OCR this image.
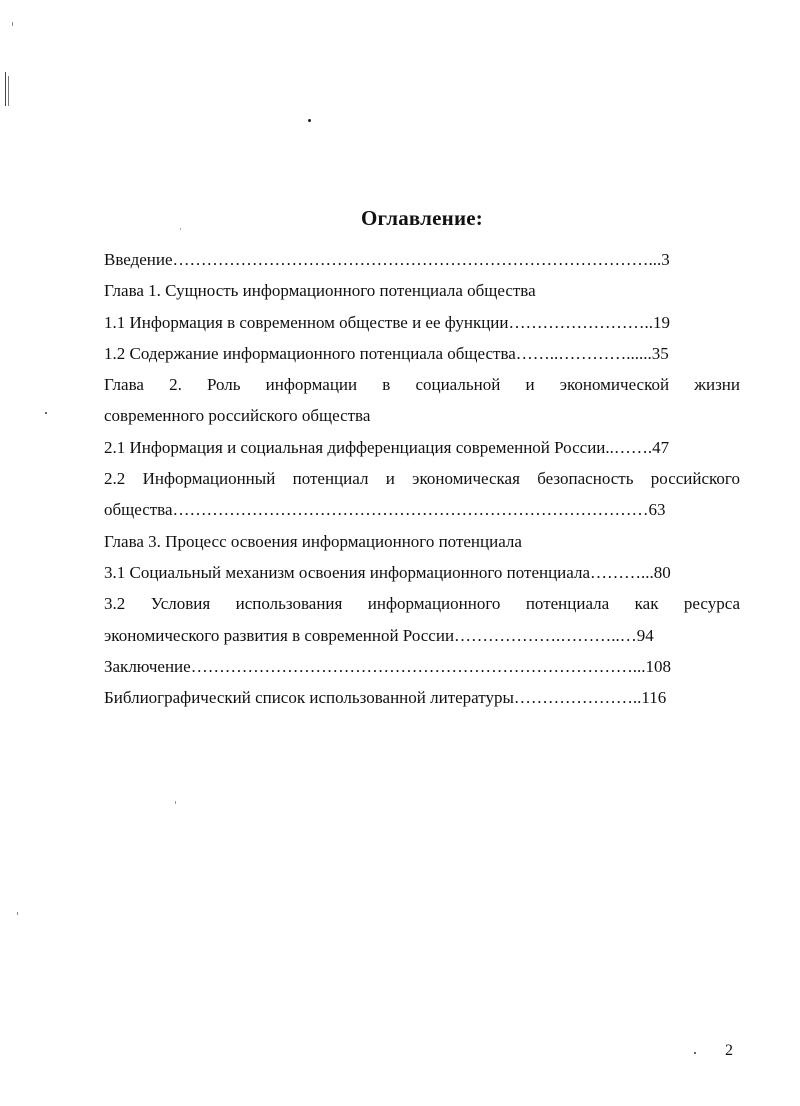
Оглавление:
Введение…………………………………………………………………………...3
Глава 1. Сущность информационного потенциала общества
1.1 Информация в современном обществе и ее функции……………………..19
1.2 Содержание информационного потенциала общества……..…………......35
Глава 2. Роль информации в социальной и экономической жизни
современного российского общества
2.1 Информация и социальная дифференциация современной России..…….47
2.2 Информационный потенциал и экономическая безопасность российского
общества…………………………………………………………………………63
Глава 3. Процесс освоения информационного потенциала
3.1 Социальный механизм освоения информационного потенциала………...80
3.2 Условия использования информационного потенциала как ресурса
экономического развития в современной России……………….………..…94
Заключение……………………………………………………………………...108
Библиографический список использованной литературы…………………..116
2
